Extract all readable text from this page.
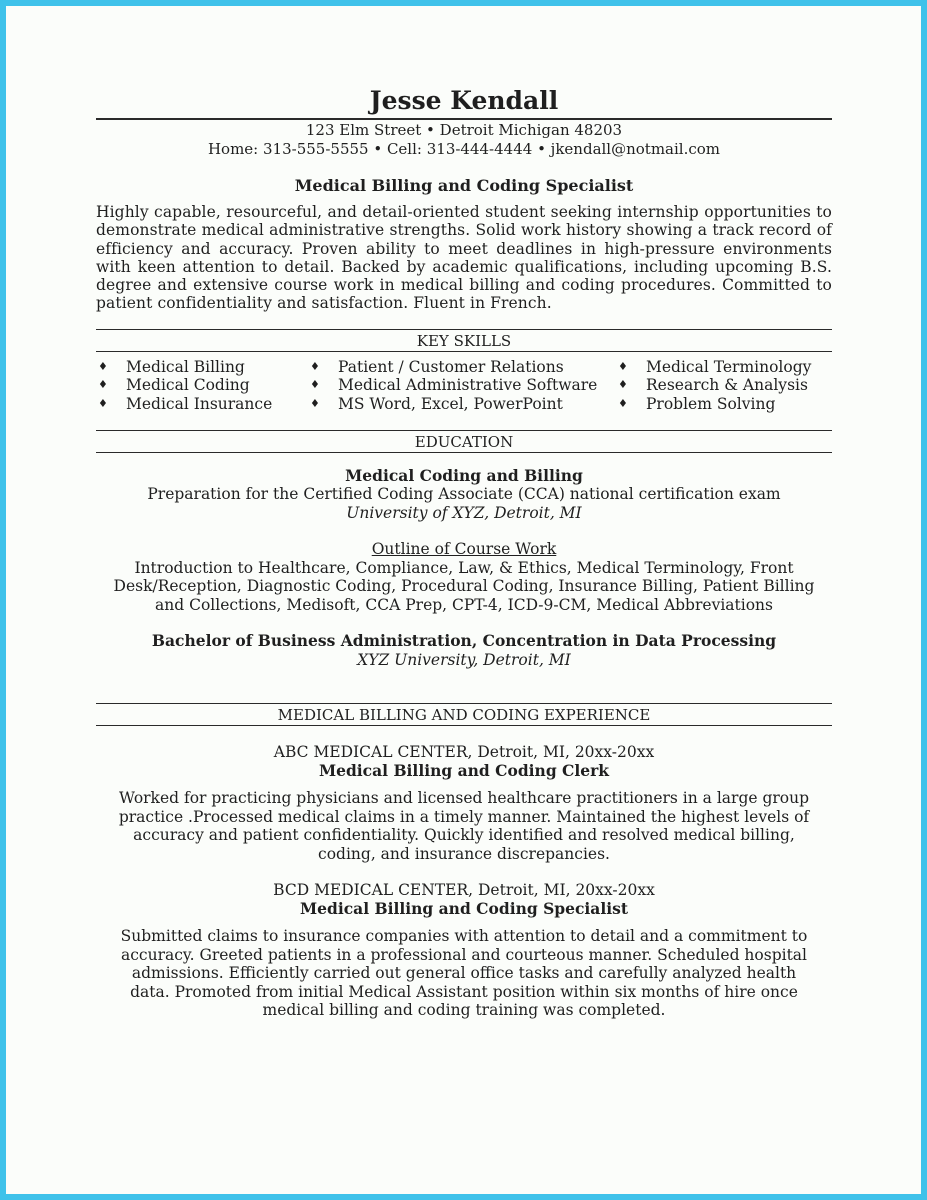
Jesse Kendall
123 Elm Street • Detroit Michigan 48203
Home: 313-555-5555 • Cell: 313-444-4444 • jkendall@notmail.com
Medical Billing and Coding Specialist
Highly capable, resourceful, and detail-oriented student seeking internship opportunities to demonstrate medical administrative strengths. Solid work history showing a track record of efficiency and accuracy. Proven ability to meet deadlines in high-pressure environments with keen attention to detail. Backed by academic qualifications, including upcoming B.S. degree and extensive course work in medical billing and coding procedures. Committed to patient confidentiality and satisfaction. Fluent in French.
KEY SKILLS
♦	Medical Billing
♦	Medical Coding
♦	Medical Insurance
♦	Patient / Customer Relations
♦	Medical Administrative Software
♦	MS Word, Excel, PowerPoint
♦	Medical Terminology
♦	Research & Analysis
♦	Problem Solving
EDUCATION
Medical Coding and Billing
Preparation for the Certified Coding Associate (CCA) national certification exam
University of XYZ, Detroit, MI
Outline of Course Work
Introduction to Healthcare, Compliance, Law, & Ethics, Medical Terminology, Front Desk/Reception, Diagnostic Coding, Procedural Coding, Insurance Billing, Patient Billing and Collections, Medisoft, CCA Prep, CPT-4, ICD-9-CM, Medical Abbreviations
Bachelor of Business Administration, Concentration in Data Processing
XYZ University, Detroit, MI
MEDICAL BILLING AND CODING EXPERIENCE
ABC MEDICAL CENTER, Detroit, MI, 20xx-20xx
Medical Billing and Coding Clerk
Worked for practicing physicians and licensed healthcare practitioners in a large group practice .Processed medical claims in a timely manner. Maintained the highest levels of accuracy and patient confidentiality. Quickly identified and resolved medical billing, coding, and insurance discrepancies.
BCD MEDICAL CENTER, Detroit, MI, 20xx-20xx
Medical Billing and Coding Specialist
Submitted claims to insurance companies with attention to detail and a commitment to accuracy. Greeted patients in a professional and courteous manner. Scheduled hospital admissions. Efficiently carried out general office tasks and carefully analyzed health data. Promoted from initial Medical Assistant position within six months of hire once medical billing and coding training was completed.
